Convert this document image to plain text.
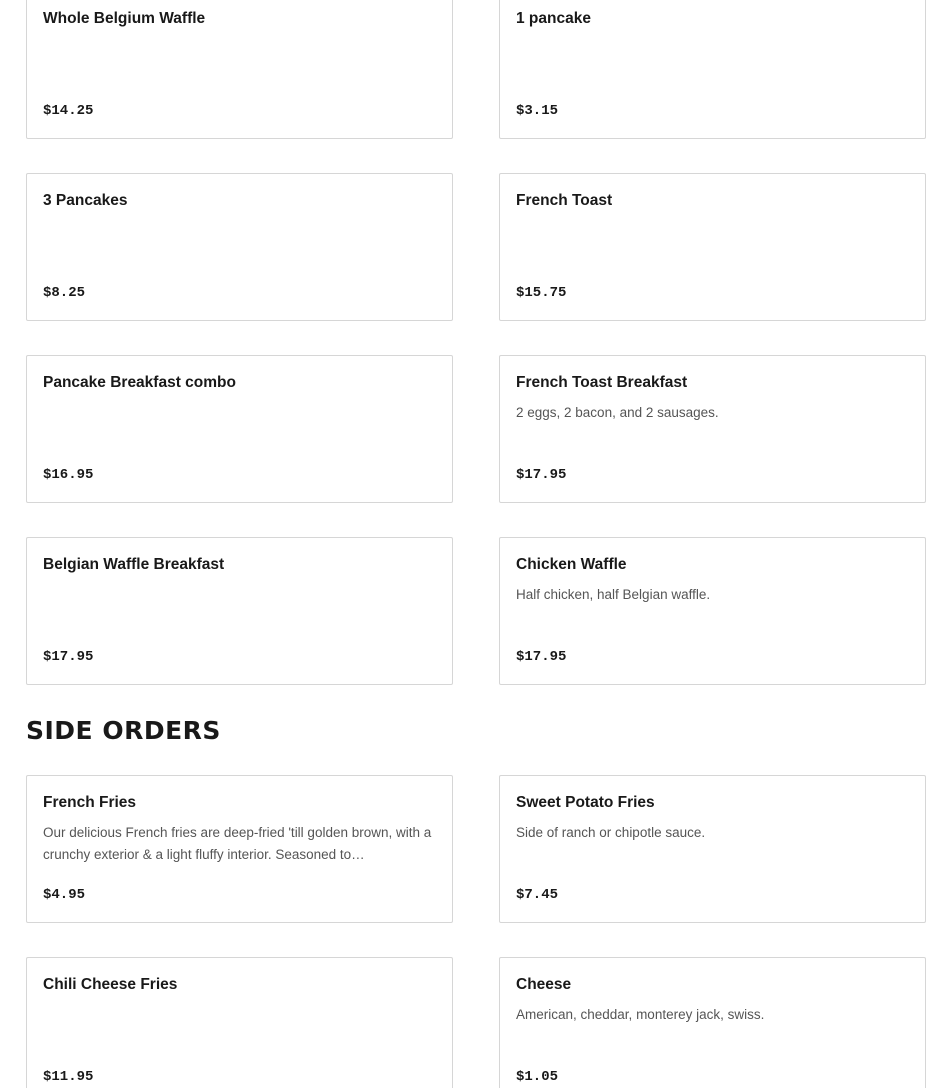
Whole Belgium Waffle
$14.25
1 pancake
$3.15
3 Pancakes
$8.25
French Toast
$15.75
Pancake Breakfast combo
$16.95
French Toast Breakfast
2 eggs, 2 bacon, and 2 sausages.
$17.95
Belgian Waffle Breakfast
$17.95
Chicken Waffle
Half chicken, half Belgian waffle.
$17.95
SIDE ORDERS
French Fries
Our delicious French fries are deep-fried 'till golden brown, with a crunchy exterior & a light fluffy interior. Seasoned to…
$4.95
Sweet Potato Fries
Side of ranch or chipotle sauce.
$7.45
Chili Cheese Fries
$11.95
Cheese
American, cheddar, monterey jack, swiss.
$1.05
